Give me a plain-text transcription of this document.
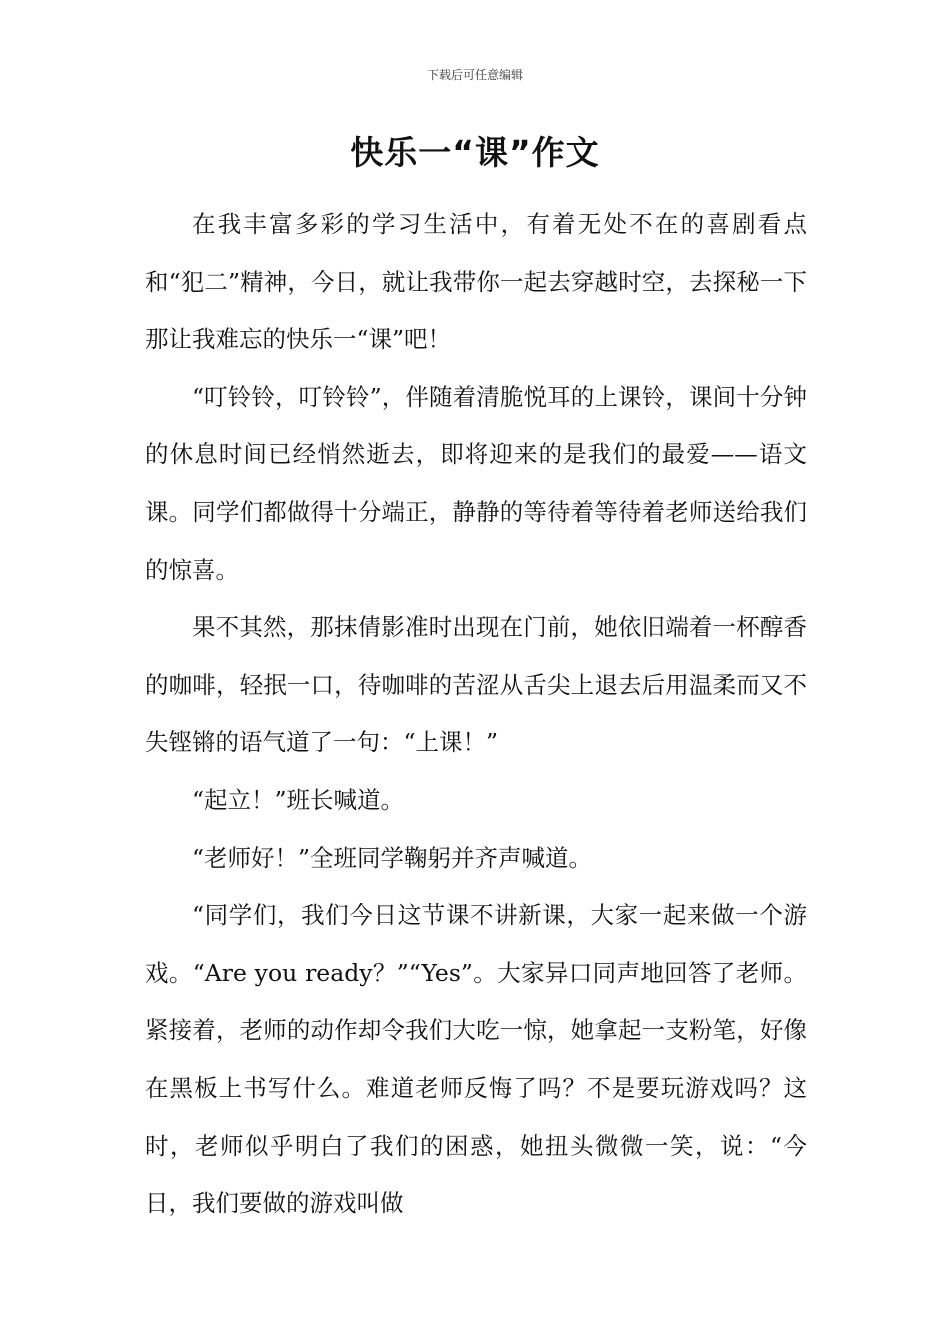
下载后可任意编辑
快乐一“课”作文

在我丰富多彩的学习生活中，有着无处不在的喜剧看点和“犯二”精神，今日，就让我带你一起去穿越时空，去探秘一下那让我难忘的快乐一“课”吧！

“叮铃铃，叮铃铃”，伴随着清脆悦耳的上课铃，课间十分钟的休息时间已经悄然逝去，即将迎来的是我们的最爱——语文课。同学们都做得十分端正，静静的等待着等待着老师送给我们的惊喜。

果不其然，那抹倩影准时出现在门前，她依旧端着一杯醇香的咖啡，轻抿一口，待咖啡的苦涩从舌尖上退去后用温柔而又不失铿锵的语气道了一句：“上课！”

“起立！”班长喊道。

“老师好！”全班同学鞠躬并齐声喊道。

“同学们，我们今日这节课不讲新课，大家一起来做一个游戏。“Are you ready？”“Yes”。大家异口同声地回答了老师。紧接着，老师的动作却令我们大吃一惊，她拿起一支粉笔，好像在黑板上书写什么。难道老师反悔了吗？不是要玩游戏吗？这时，老师似乎明白了我们的困惑，她扭头微微一笑，说：“今日，我们要做的游戏叫做
